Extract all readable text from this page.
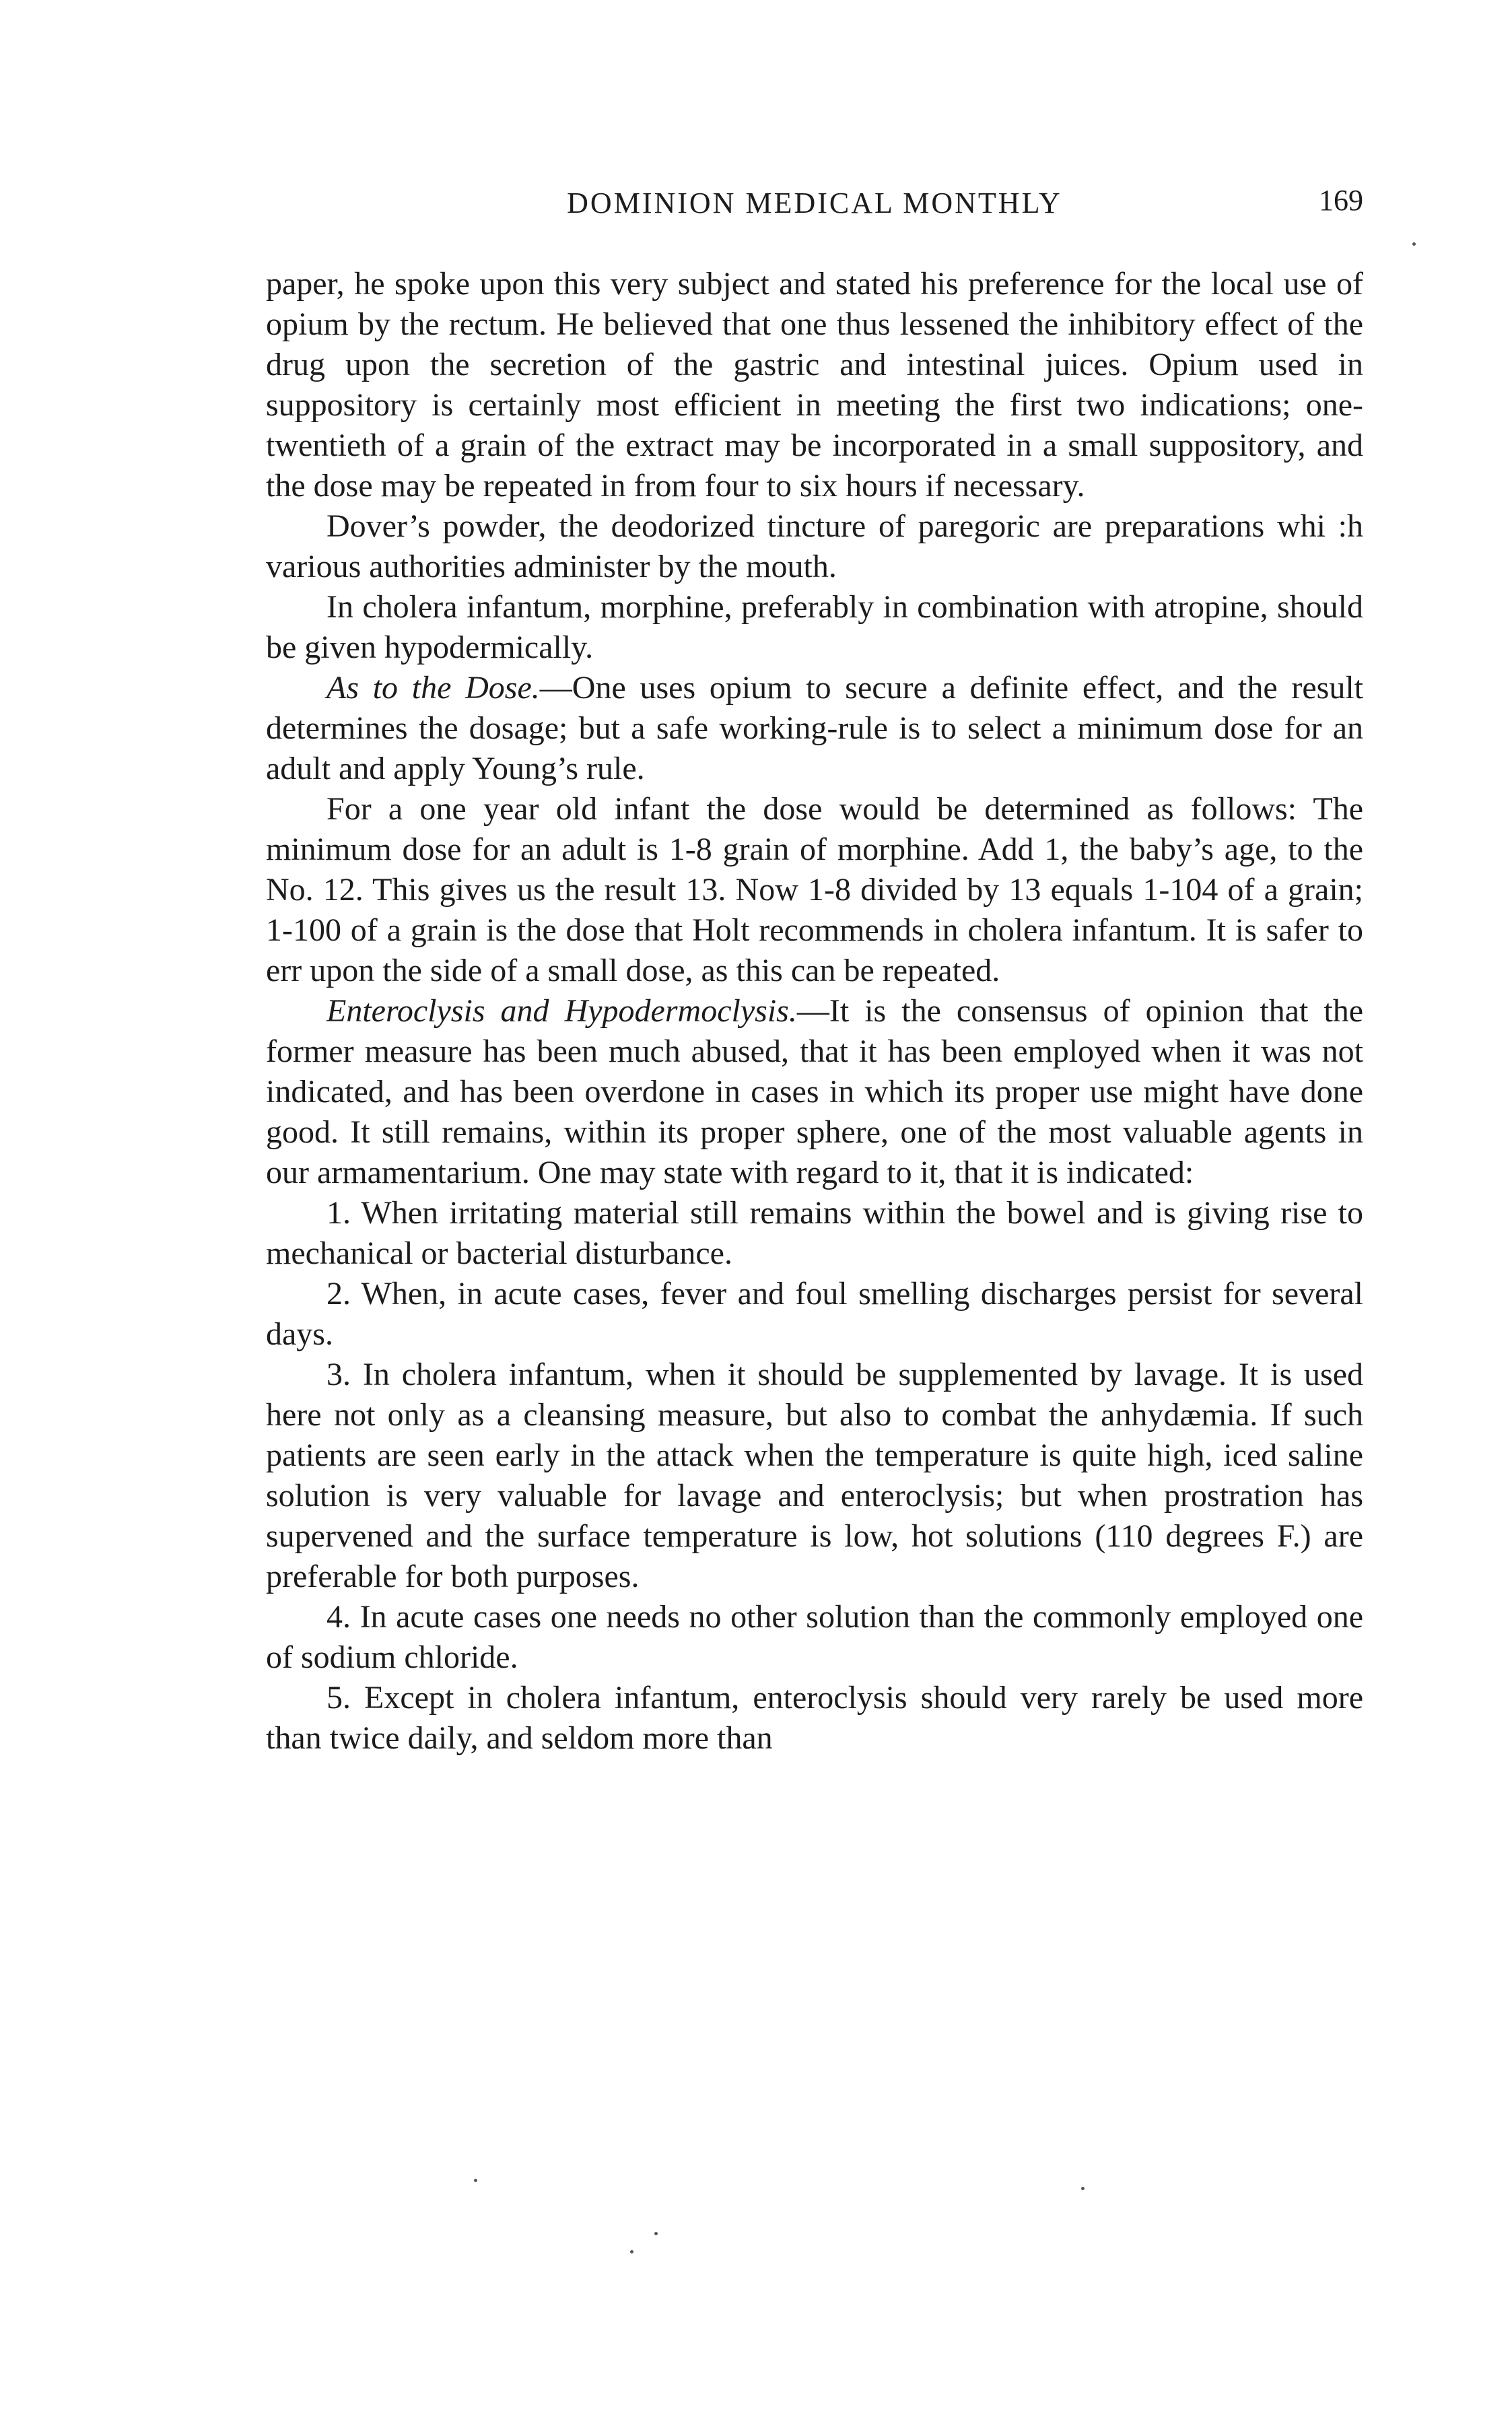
DOMINION MEDICAL MONTHLY	169

paper, he spoke upon this very subject and stated his preference for the local use of opium by the rectum. He believed that one thus lessened the inhibitory effect of the drug upon the secretion of the gastric and intestinal juices. Opium used in suppository is certainly most efficient in meeting the first two indications; one-twentieth of a grain of the extract may be incorporated in a small suppository, and the dose may be repeated in from four to six hours if necessary.

Dover’s powder, the deodorized tincture of paregoric are preparations whi :h various authorities administer by the mouth.

In cholera infantum, morphine, preferably in combination with atropine, should be given hypodermically.

As to the Dose.—One uses opium to secure a definite effect, and the result determines the dosage; but a safe working-rule is to select a minimum dose for an adult and apply Young’s rule.

For a one year old infant the dose would be determined as follows: The minimum dose for an adult is 1-8 grain of morphine. Add 1, the baby’s age, to the No. 12. This gives us the result 13. Now 1-8 divided by 13 equals 1-104 of a grain; 1-100 of a grain is the dose that Holt recommends in cholera infantum. It is safer to err upon the side of a small dose, as this can be repeated.

Enteroclysis and Hypodermoclysis.—It is the consensus of opinion that the former measure has been much abused, that it has been employed when it was not indicated, and has been overdone in cases in which its proper use might have done good. It still remains, within its proper sphere, one of the most valuable agents in our armamentarium. One may state with regard to it, that it is indicated:

1. When irritating material still remains within the bowel and is giving rise to mechanical or bacterial disturbance.

2. When, in acute cases, fever and foul smelling discharges persist for several days.

3. In cholera infantum, when it should be supplemented by lavage. It is used here not only as a cleansing measure, but also to combat the anhydæmia. If such patients are seen early in the attack when the temperature is quite high, iced saline solution is very valuable for lavage and enteroclysis; but when prostration has supervened and the surface temperature is low, hot solutions (110 degrees F.) are preferable for both purposes.

4. In acute cases one needs no other solution than the commonly employed one of sodium chloride.

5. Except in cholera infantum, enteroclysis should very rarely be used more than twice daily, and seldom more than
